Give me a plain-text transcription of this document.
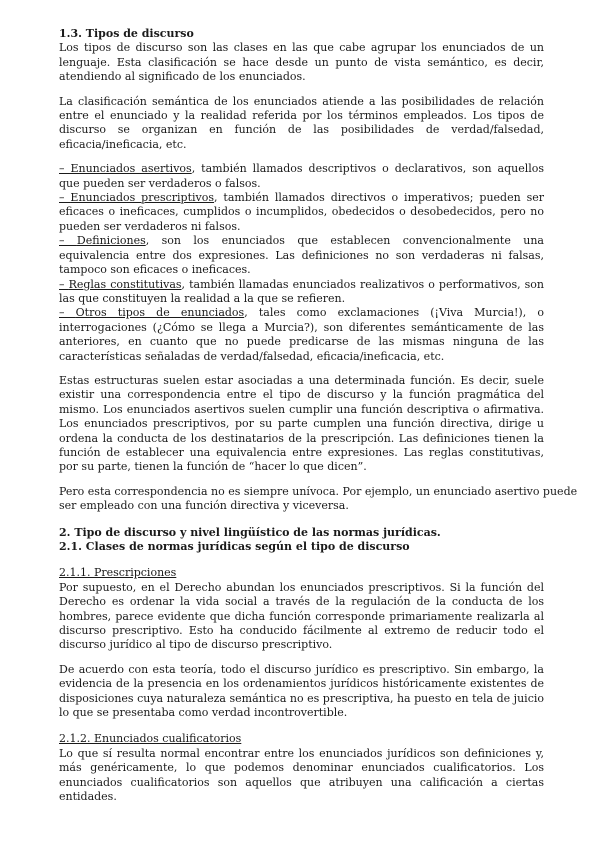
1.3. Tipos de discurso

Los tipos de discurso son las clases en las que cabe agrupar los enunciados de un lenguaje. Esta clasificación se hace desde un punto de vista semántico, es decir, atendiendo al significado de los enunciados.

La clasificación semántica de los enunciados atiende a las posibilidades de relación entre el enunciado y la realidad referida por los términos empleados. Los tipos de discurso se organizan en función de las posibilidades de verdad/falsedad, eficacia/ineficacia, etc.

– Enunciados asertivos, también llamados descriptivos o declarativos, son aquellos que pueden ser verdaderos o falsos.

– Enunciados prescriptivos, también llamados directivos o imperativos; pueden ser eficaces o ineficaces, cumplidos o incumplidos, obedecidos o desobedecidos, pero no pueden ser verdaderos ni falsos.

– Definiciones, son los enunciados que establecen convencionalmente una equivalencia entre dos expresiones. Las definiciones no son verdaderas ni falsas, tampoco son eficaces o ineficaces.

– Reglas constitutivas, también llamadas enunciados realizativos o performativos, son las que constituyen la realidad a la que se refieren.

– Otros tipos de enunciados, tales como exclamaciones (¡Viva Murcia!), o interrogaciones (¿Cómo se llega a Murcia?), son diferentes semánticamente de las anteriores, en cuanto que no puede predicarse de las mismas ninguna de las características señaladas de verdad/falsedad, eficacia/ineficacia, etc.

Estas estructuras suelen estar asociadas a una determinada función. Es decir, suele existir una correspondencia entre el tipo de discurso y la función pragmática del mismo. Los enunciados asertivos suelen cumplir una función descriptiva o afirmativa. Los enunciados prescriptivos, por su parte cumplen una función directiva, dirige u ordena la conducta de los destinatarios de la prescripción. Las definiciones tienen la función de establecer una equivalencia entre expresiones. Las reglas constitutivas, por su parte, tienen la función de “hacer lo que dicen”.

Pero esta correspondencia no es siempre unívoca. Por ejemplo, un enunciado asertivo puede

ser empleado con una función directiva y viceversa.

2. Tipo de discurso y nivel lingüístico de las normas jurídicas.

2.1. Clases de normas jurídicas según el tipo de discurso

2.1.1. Prescripciones

Por supuesto, en el Derecho abundan los enunciados prescriptivos. Si la función del Derecho es ordenar la vida social a través de la regulación de la conducta de los hombres, parece evidente que dicha función corresponde primariamente realizarla al discurso prescriptivo. Esto ha conducido fácilmente al extremo de reducir todo el discurso jurídico al tipo de discurso prescriptivo.

De acuerdo con esta teoría, todo el discurso jurídico es prescriptivo. Sin embargo, la evidencia de la presencia en los ordenamientos jurídicos históricamente existentes de disposiciones cuya naturaleza semántica no es prescriptiva, ha puesto en tela de juicio lo que se presentaba como verdad incontrovertible.

2.1.2. Enunciados cualificatorios

Lo que sí resulta normal encontrar entre los enunciados jurídicos son definiciones y, más genéricamente, lo que podemos denominar enunciados cualificatorios. Los enunciados cualificatorios son aquellos que atribuyen una calificación a ciertas entidades.
